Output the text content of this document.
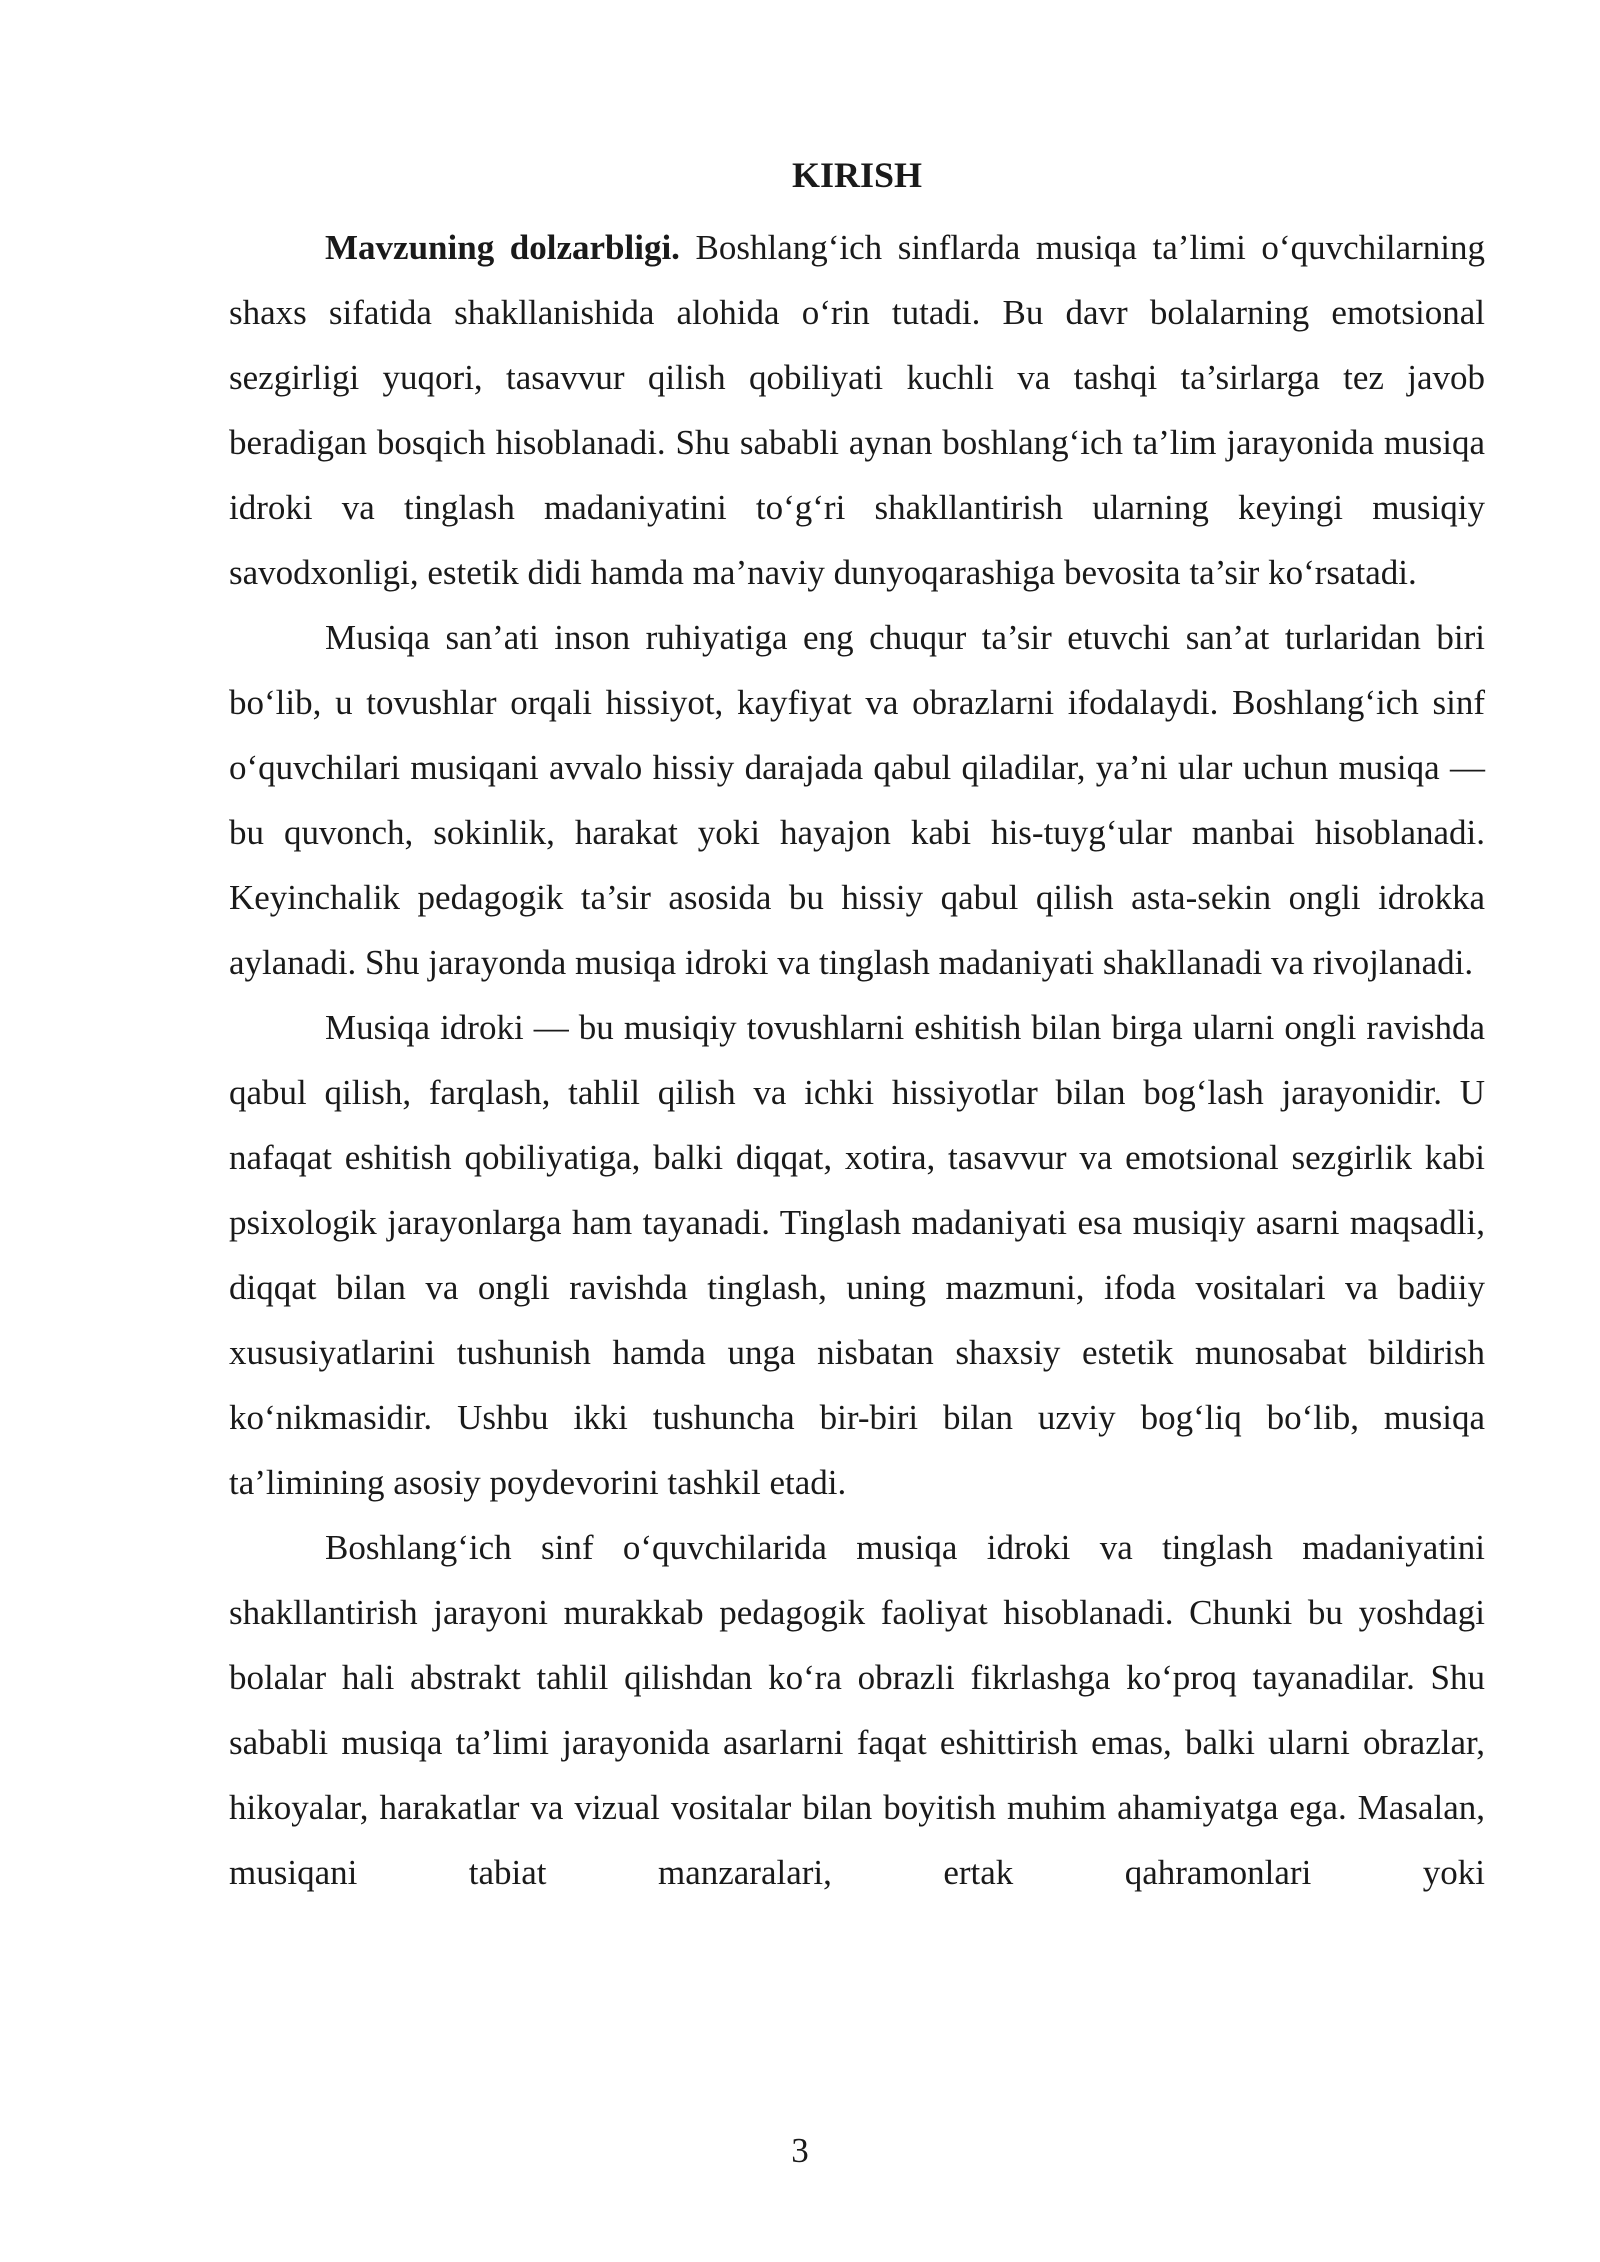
KIRISH

Mavzuning dolzarbligi. Boshlang‘ich sinflarda musiqa ta’limi o‘quvchilarning shaxs sifatida shakllanishida alohida o‘rin tutadi. Bu davr bolalarning emotsional sezgirligi yuqori, tasavvur qilish qobiliyati kuchli va tashqi ta’sirlarga tez javob beradigan bosqich hisoblanadi. Shu sababli aynan boshlang‘ich ta’lim jarayonida musiqa idroki va tinglash madaniyatini to‘g‘ri shakllantirish ularning keyingi musiqiy savodxonligi, estetik didi hamda ma’naviy dunyoqarashiga bevosita ta’sir ko‘rsatadi.

Musiqa san’ati inson ruhiyatiga eng chuqur ta’sir etuvchi san’at turlaridan biri bo‘lib, u tovushlar orqali hissiyot, kayfiyat va obrazlarni ifodalaydi. Boshlang‘ich sinf o‘quvchilari musiqani avvalo hissiy darajada qabul qiladilar, ya’ni ular uchun musiqa — bu quvonch, sokinlik, harakat yoki hayajon kabi his-tuyg‘ular manbai hisoblanadi. Keyinchalik pedagogik ta’sir asosida bu hissiy qabul qilish asta-sekin ongli idrokka aylanadi. Shu jarayonda musiqa idroki va tinglash madaniyati shakllanadi va rivojlanadi.

Musiqa idroki — bu musiqiy tovushlarni eshitish bilan birga ularni ongli ravishda qabul qilish, farqlash, tahlil qilish va ichki hissiyotlar bilan bog‘lash jarayonidir. U nafaqat eshitish qobiliyatiga, balki diqqat, xotira, tasavvur va emotsional sezgirlik kabi psixologik jarayonlarga ham tayanadi. Tinglash madaniyati esa musiqiy asarni maqsadli, diqqat bilan va ongli ravishda tinglash, uning mazmuni, ifoda vositalari va badiiy xususiyatlarini tushunish hamda unga nisbatan shaxsiy estetik munosabat bildirish ko‘nikmasidir. Ushbu ikki tushuncha bir-biri bilan uzviy bog‘liq bo‘lib, musiqa ta’limining asosiy poydevorini tashkil etadi.

Boshlang‘ich sinf o‘quvchilarida musiqa idroki va tinglash madaniyatini shakllantirish jarayoni murakkab pedagogik faoliyat hisoblanadi. Chunki bu yoshdagi bolalar hali abstrakt tahlil qilishdan ko‘ra obrazli fikrlashga ko‘proq tayanadilar. Shu sababli musiqa ta’limi jarayonida asarlarni faqat eshittirish emas, balki ularni obrazlar, hikoyalar, harakatlar va vizual vositalar bilan boyitish muhim ahamiyatga ega. Masalan, musiqani tabiat manzaralari, ertak qahramonlari yoki

3
